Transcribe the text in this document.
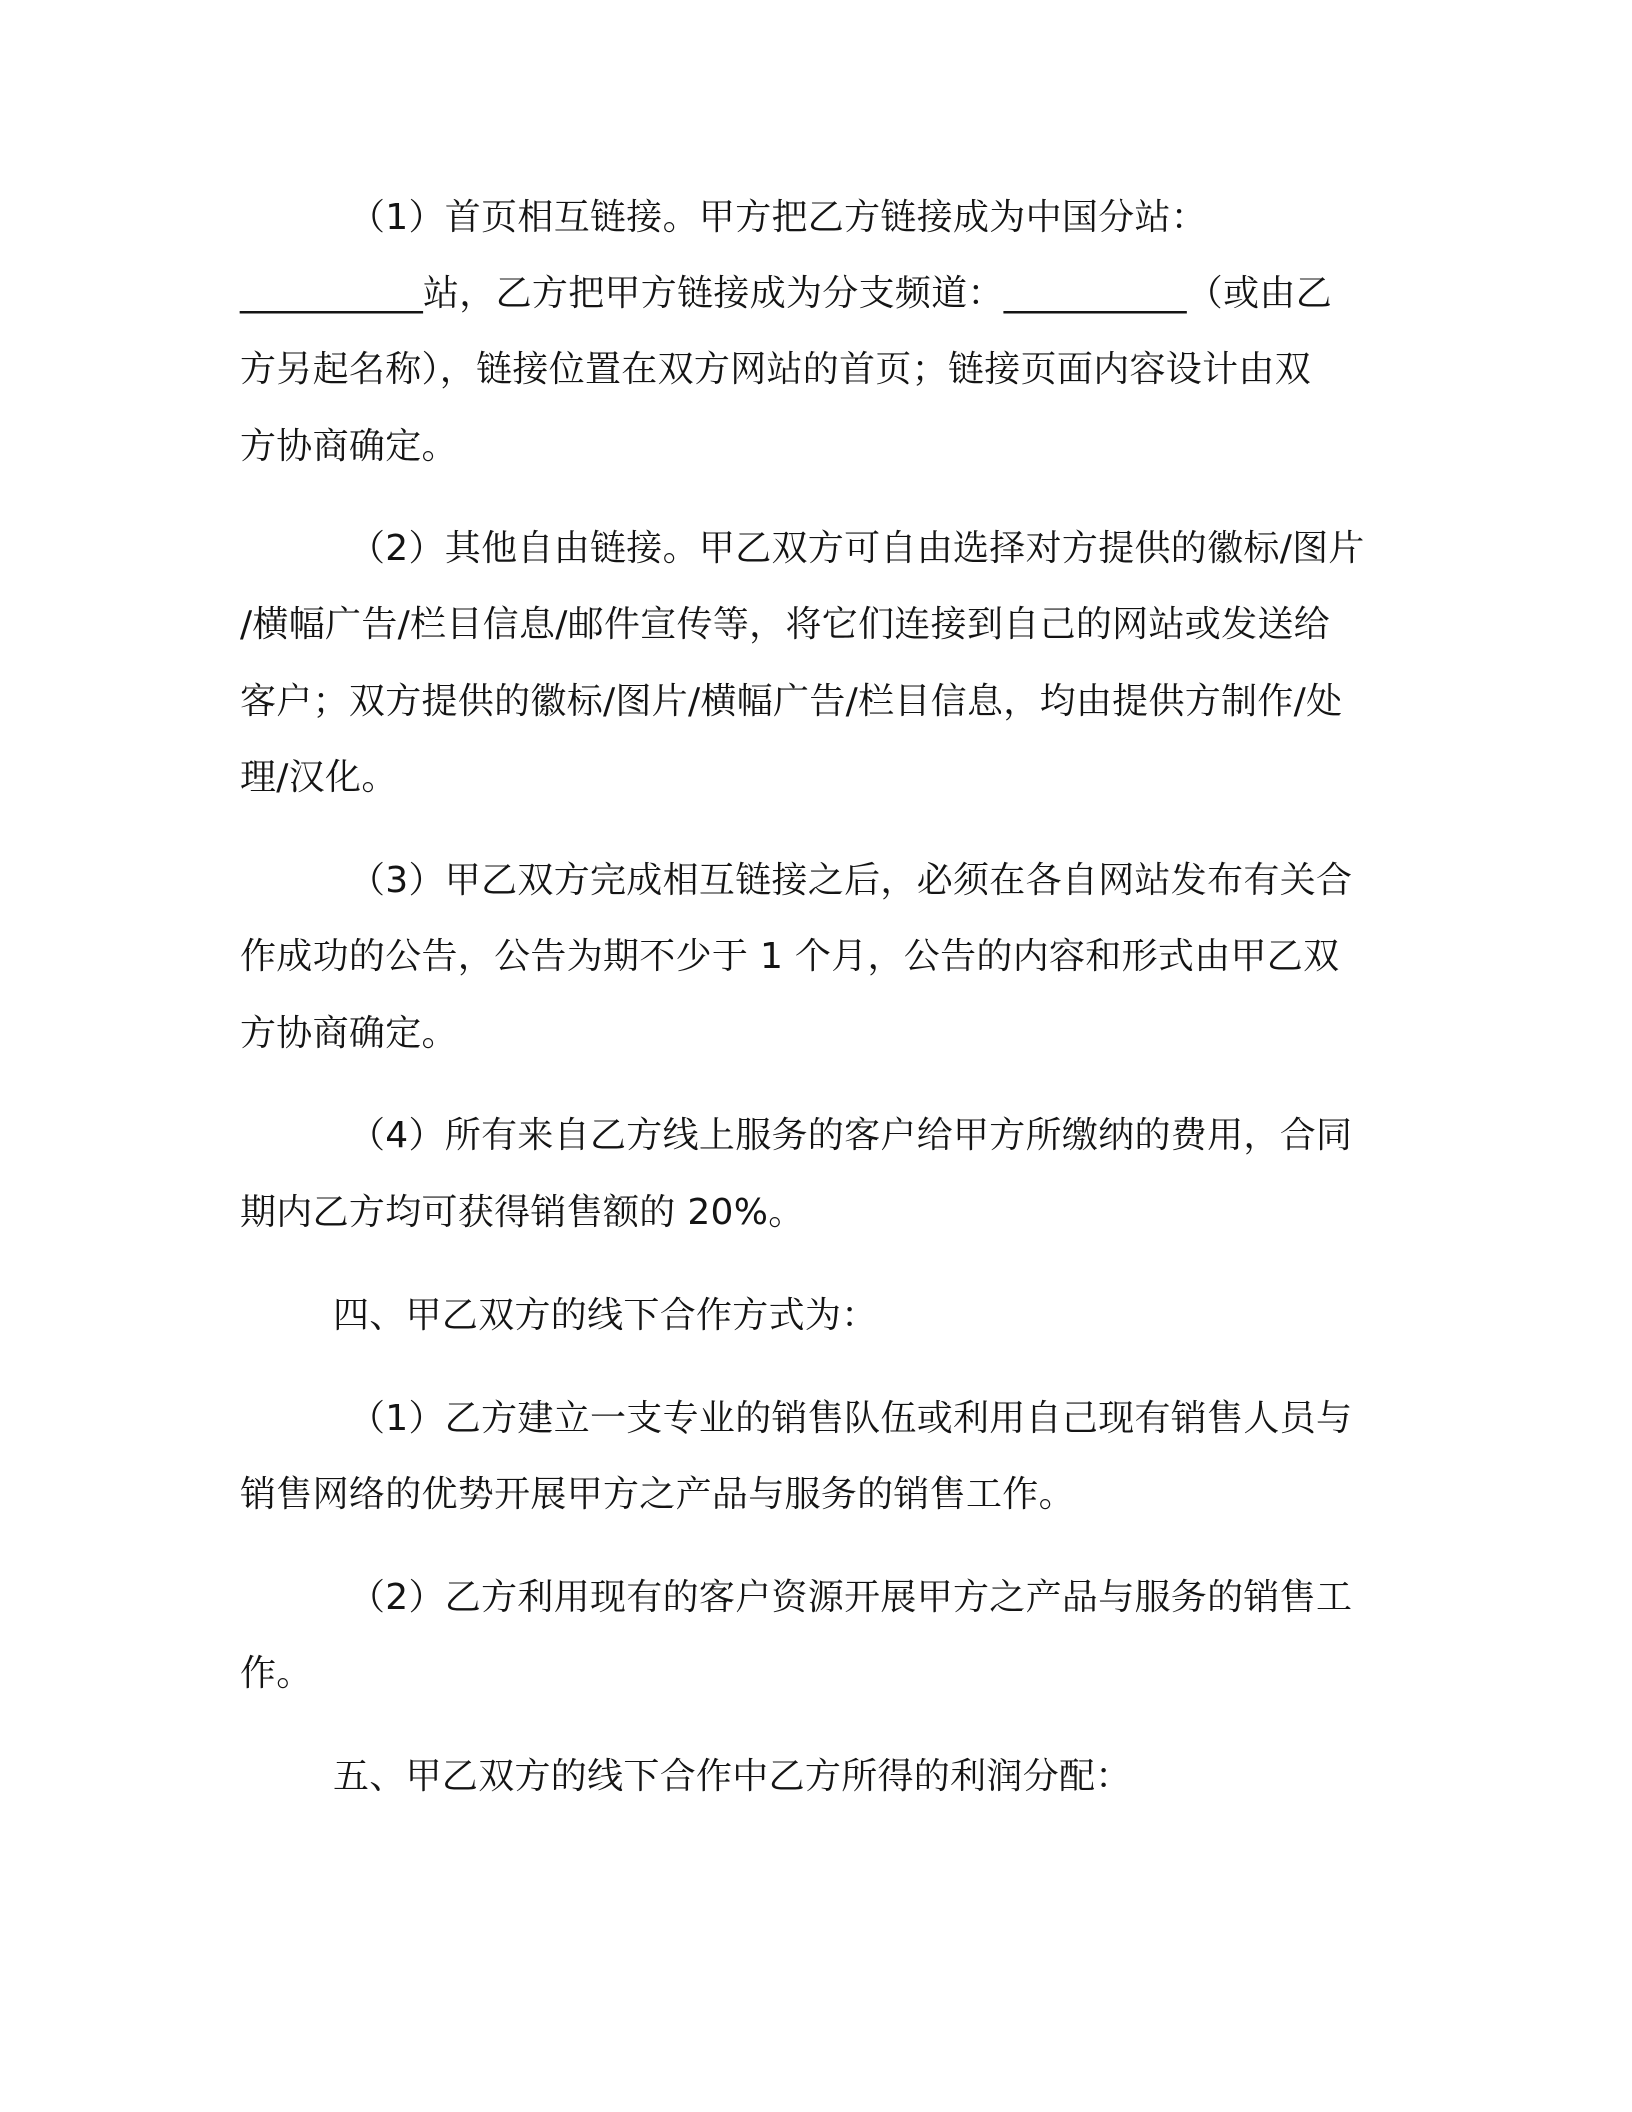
（1）首页相互链接。甲方把乙方链接成为中国分站：
__________站，乙方把甲方链接成为分支频道：__________（或由乙
方另起名称），链接位置在双方网站的首页；链接页面内容设计由双
方协商确定。
（2）其他自由链接。甲乙双方可自由选择对方提供的徽标/图片
/横幅广告/栏目信息/邮件宣传等，将它们连接到自己的网站或发送给
客户；双方提供的徽标/图片/横幅广告/栏目信息，均由提供方制作/处
理/汉化。
（3）甲乙双方完成相互链接之后，必须在各自网站发布有关合
作成功的公告，公告为期不少于 1 个月，公告的内容和形式由甲乙双
方协商确定。
（4）所有来自乙方线上服务的客户给甲方所缴纳的费用，合同
期内乙方均可获得销售额的 20%。
四、甲乙双方的线下合作方式为：
（1）乙方建立一支专业的销售队伍或利用自己现有销售人员与
销售网络的优势开展甲方之产品与服务的销售工作。
（2）乙方利用现有的客户资源开展甲方之产品与服务的销售工
作。
五、甲乙双方的线下合作中乙方所得的利润分配：
